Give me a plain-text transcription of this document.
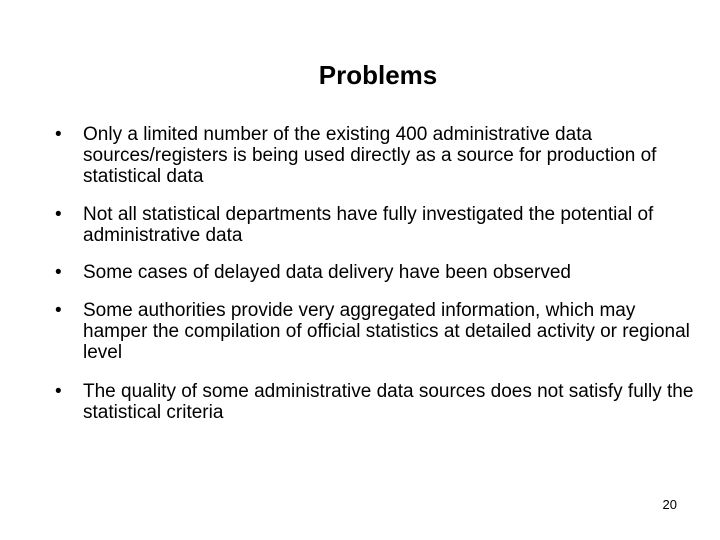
Problems
•	Only a limited number of the existing 400 administrative data sources/registers is being used directly as a source for production of statistical data
•	Not all statistical departments have fully investigated the potential of administrative data
•	Some cases of delayed data delivery have been observed
•	Some authorities provide very aggregated information, which may hamper the compilation of official statistics at detailed activity or regional level
•	The quality of some administrative data sources does not satisfy fully the statistical criteria
20
